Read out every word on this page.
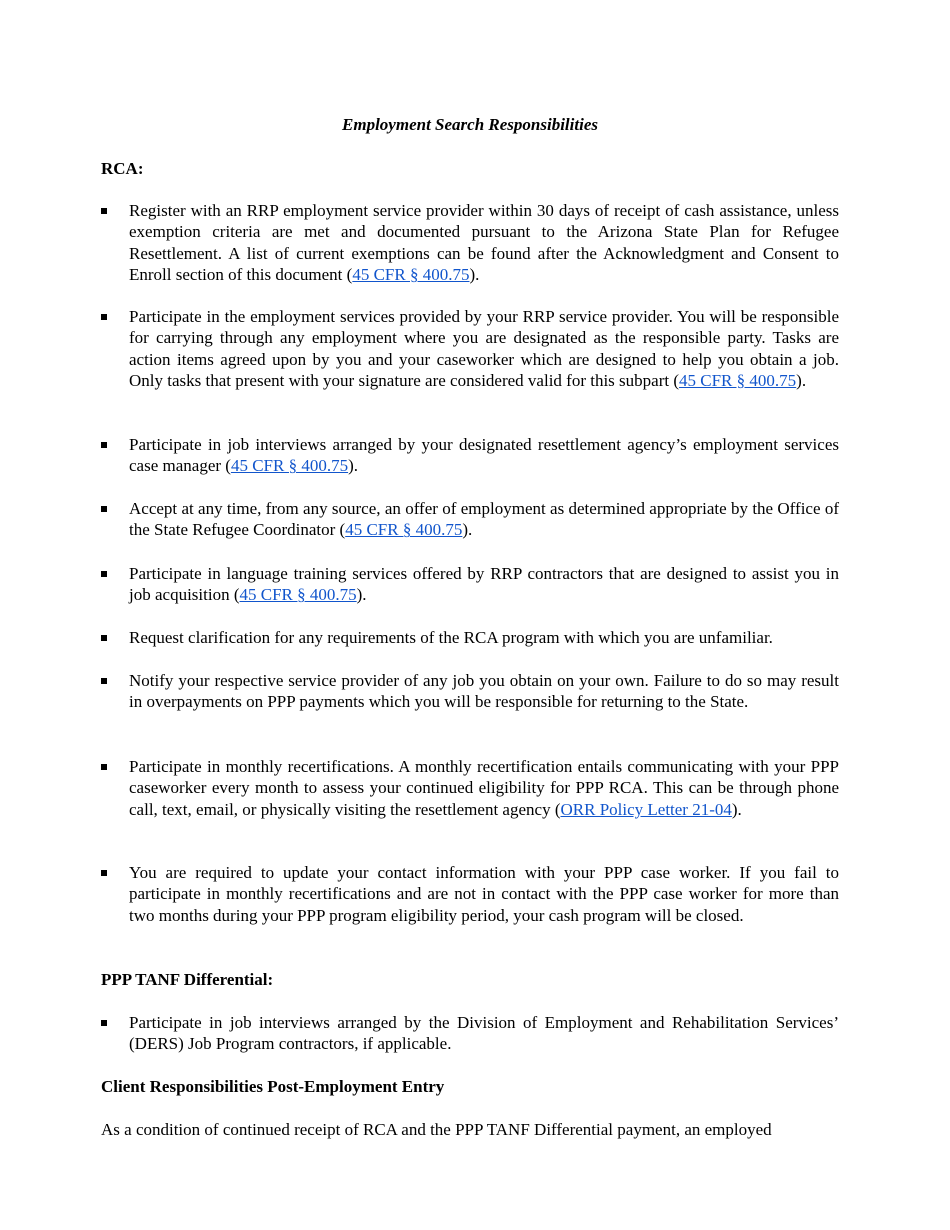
Employment Search Responsibilities
RCA:
Register with an RRP employment service provider within 30 days of receipt of cash assistance, unless exemption criteria are met and documented pursuant to the Arizona State Plan for Refugee Resettlement. A list of current exemptions can be found after the Acknowledgment and Consent to Enroll section of this document (45 CFR § 400.75).
Participate in the employment services provided by your RRP service provider. You will be responsible for carrying through any employment where you are designated as the responsible party. Tasks are action items agreed upon by you and your caseworker which are designed to help you obtain a job. Only tasks that present with your signature are considered valid for this subpart (45 CFR § 400.75).
Participate in job interviews arranged by your designated resettlement agency’s employment services case manager (45 CFR § 400.75).
Accept at any time, from any source, an offer of employment as determined appropriate by the Office of the State Refugee Coordinator (45 CFR § 400.75).
Participate in language training services offered by RRP contractors that are designed to assist you in job acquisition (45 CFR § 400.75).
Request clarification for any requirements of the RCA program with which you are unfamiliar.
Notify your respective service provider of any job you obtain on your own. Failure to do so may result in overpayments on PPP payments which you will be responsible for returning to the State.
Participate in monthly recertifications. A monthly recertification entails communicating with your PPP caseworker every month to assess your continued eligibility for PPP RCA. This can be through phone call, text, email, or physically visiting the resettlement agency (ORR Policy Letter 21-04).
You are required to update your contact information with your PPP case worker. If you fail to participate in monthly recertifications and are not in contact with the PPP case worker for more than two months during your PPP program eligibility period, your cash program will be closed.
PPP TANF Differential:
Participate in job interviews arranged by the Division of Employment and Rehabilitation Services’ (DERS) Job Program contractors, if applicable.
Client Responsibilities Post-Employment Entry
As a condition of continued receipt of RCA and the PPP TANF Differential payment, an employed
